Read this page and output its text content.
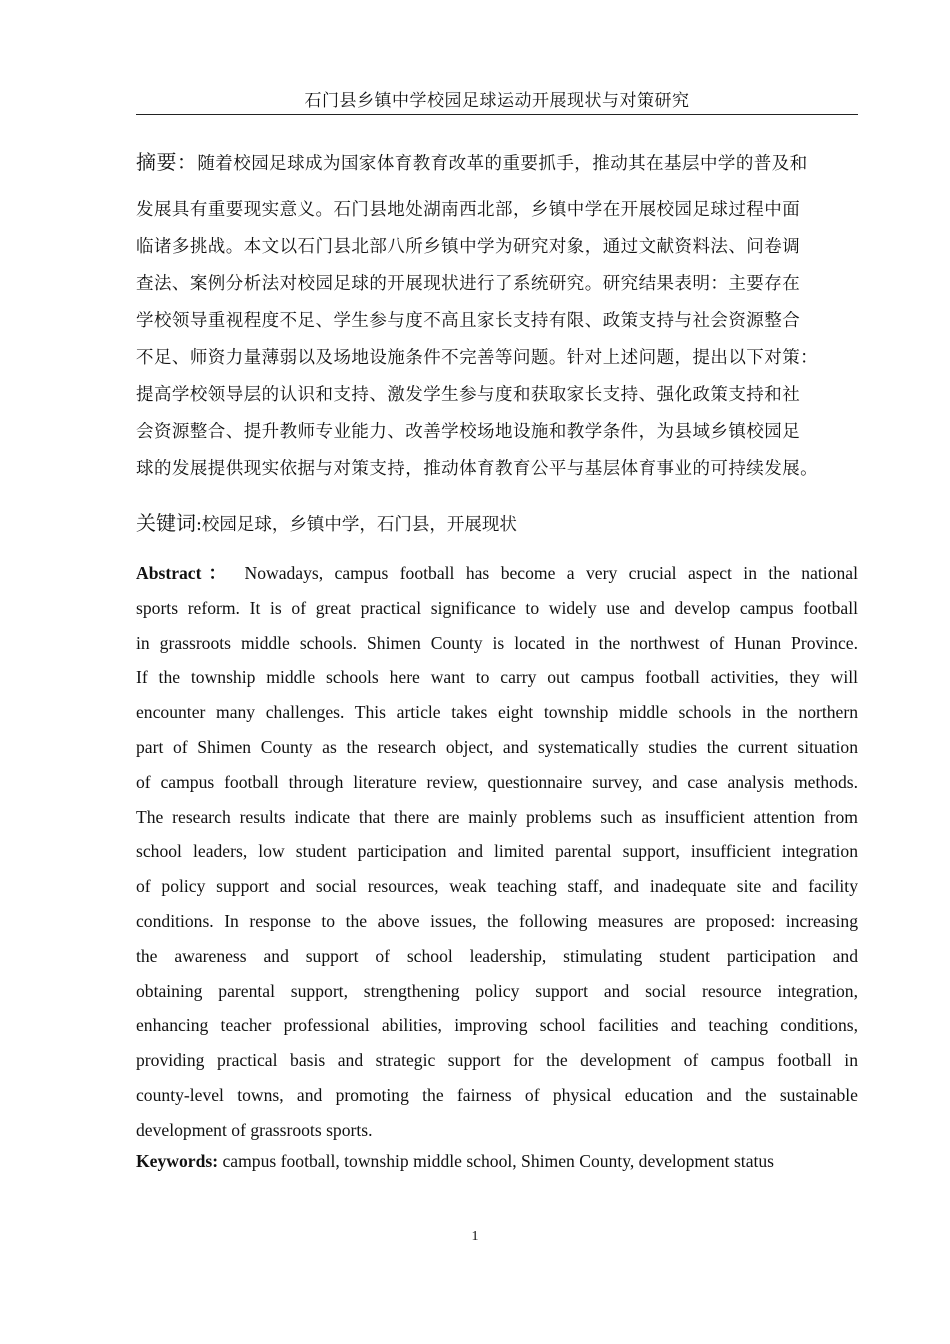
石门县乡镇中学校园足球运动开展现状与对策研究
摘要：随着校园足球成为国家体育教育改革的重要抓手，推动其在基层中学的普及和
发展具有重要现实意义。石门县地处湖南西北部，乡镇中学在开展校园足球过程中面
临诸多挑战。本文以石门县北部八所乡镇中学为研究对象，通过文献资料法、问卷调
查法、案例分析法对校园足球的开展现状进行了系统研究。研究结果表明：主要存在
学校领导重视程度不足、学生参与度不高且家长支持有限、政策支持与社会资源整合
不足、师资力量薄弱以及场地设施条件不完善等问题。针对上述问题，提出以下对策：
提高学校领导层的认识和支持、激发学生参与度和获取家长支持、强化政策支持和社
会资源整合、提升教师专业能力、改善学校场地设施和教学条件，为县域乡镇校园足
球的发展提供现实依据与对策支持，推动体育教育公平与基层体育事业的可持续发展。
关键词:校园足球，乡镇中学，石门县，开展现状
Abstract： Nowadays, campus football has become a very crucial aspect in the national
sports reform. It is of great practical significance to widely use and develop campus football
in grassroots middle schools. Shimen County is located in the northwest of Hunan Province.
If the township middle schools here want to carry out campus football activities, they will
encounter many challenges. This article takes eight township middle schools in the northern
part of Shimen County as the research object, and systematically studies the current situation
of campus football through literature review, questionnaire survey, and case analysis methods.
The research results indicate that there are mainly problems such as insufficient attention from
school leaders, low student participation and limited parental support, insufficient integration
of policy support and social resources, weak teaching staff, and inadequate site and facility
conditions. In response to the above issues, the following measures are proposed: increasing
the awareness and support of school leadership, stimulating student participation and
obtaining parental support, strengthening policy support and social resource integration,
enhancing teacher professional abilities, improving school facilities and teaching conditions,
providing practical basis and strategic support for the development of campus football in
county-level towns, and promoting the fairness of physical education and the sustainable
development of grassroots sports.
Keywords: campus football, township middle school, Shimen County, development status
1
